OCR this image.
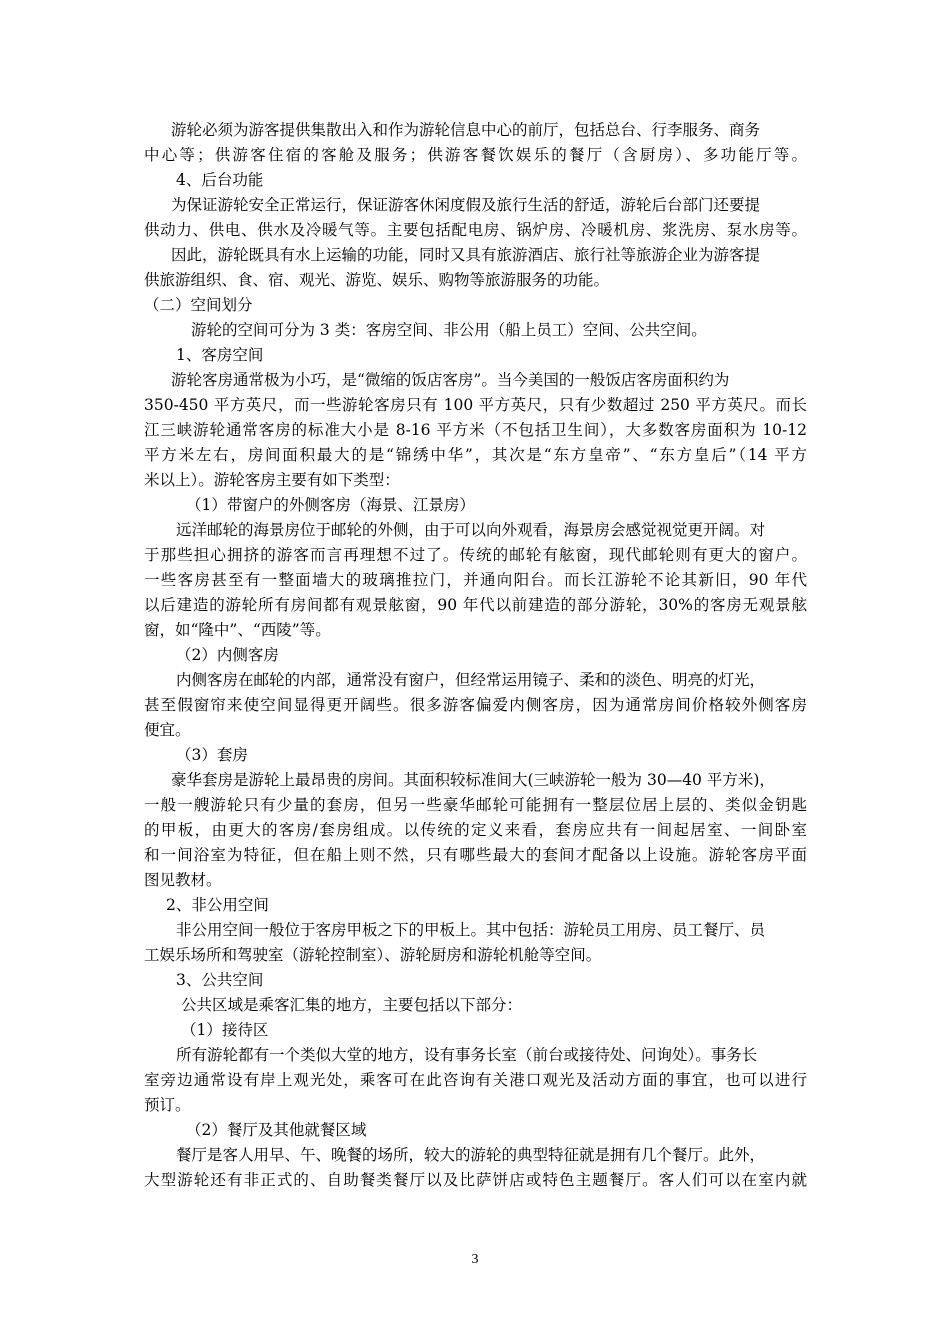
游轮必须为游客提供集散出入和作为游轮信息中心的前厅，包括总台、行李服务、商务
中心等；供游客住宿的客舱及服务；供游客餐饮娱乐的餐厅（含厨房）、多功能厅等。
4、后台功能
为保证游轮安全正常运行，保证游客休闲度假及旅行生活的舒适，游轮后台部门还要提
供动力、供电、供水及冷暖气等。主要包括配电房、锅炉房、冷暖机房、浆洗房、泵水房等。
因此，游轮既具有水上运输的功能，同时又具有旅游酒店、旅行社等旅游企业为游客提
供旅游组织、食、宿、观光、游览、娱乐、购物等旅游服务的功能。
（二）空间划分
游轮的空间可分为 3 类：客房空间、非公用（船上员工）空间、公共空间。
1、客房空间
游轮客房通常极为小巧，是“微缩的饭店客房”。当今美国的一般饭店客房面积约为
350-450 平方英尺，而一些游轮客房只有 100 平方英尺，只有少数超过 250 平方英尺。而长
江三峡游轮通常客房的标准大小是 8-16 平方米（不包括卫生间），大多数客房面积为 10-12
平方米左右，房间面积最大的是“锦绣中华”，其次是“东方皇帝”、“东方皇后”（14 平方
米以上）。游轮客房主要有如下类型：
（1）带窗户的外侧客房（海景、江景房）
远洋邮轮的海景房位于邮轮的外侧，由于可以向外观看，海景房会感觉视觉更开阔。对
于那些担心拥挤的游客而言再理想不过了。传统的邮轮有舷窗，现代邮轮则有更大的窗户。
一些客房甚至有一整面墙大的玻璃推拉门，并通向阳台。而长江游轮不论其新旧，90 年代
以后建造的游轮所有房间都有观景舷窗，90 年代以前建造的部分游轮，30%的客房无观景舷
窗，如“隆中”、“西陵”等。
（2）内侧客房
内侧客房在邮轮的内部，通常没有窗户，但经常运用镜子、柔和的淡色、明亮的灯光，
甚至假窗帘来使空间显得更开阔些。很多游客偏爱内侧客房，因为通常房间价格较外侧客房
便宜。
（3）套房
豪华套房是游轮上最昂贵的房间。其面积较标准间大(三峡游轮一般为 30—40 平方米)，
一般一艘游轮只有少量的套房，但另一些豪华邮轮可能拥有一整层位居上层的、类似金钥匙
的甲板，由更大的客房/套房组成。以传统的定义来看，套房应共有一间起居室、一间卧室
和一间浴室为特征，但在船上则不然，只有哪些最大的套间才配备以上设施。游轮客房平面
图见教材。
2、非公用空间
非公用空间一般位于客房甲板之下的甲板上。其中包括：游轮员工用房、员工餐厅、员
工娱乐场所和驾驶室（游轮控制室）、游轮厨房和游轮机舱等空间。
3、公共空间
公共区域是乘客汇集的地方，主要包括以下部分：
（1）接待区
所有游轮都有一个类似大堂的地方，设有事务长室（前台或接待处、问询处）。事务长
室旁边通常设有岸上观光处，乘客可在此咨询有关港口观光及活动方面的事宜，也可以进行
预订。
（2）餐厅及其他就餐区域
餐厅是客人用早、午、晚餐的场所，较大的游轮的典型特征就是拥有几个餐厅。此外，
大型游轮还有非正式的、自助餐类餐厅以及比萨饼店或特色主题餐厅。客人们可以在室内就
3
